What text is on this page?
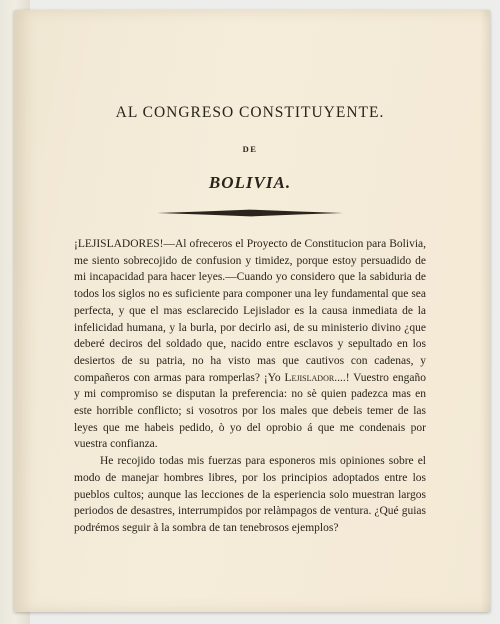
AL CONGRESO CONSTITUYENTE.
DE
BOLIVIA.

¡LEJISLADORES!—Al ofreceros el Proyecto de Constitucion para Bolivia, me siento sobrecojido de confusion y timidez, porque estoy persuadido de mi incapacidad para hacer leyes.—Cuando yo considero que la sabiduria de todos los siglos no es suficiente para componer una ley fundamental que sea perfecta, y que el mas esclarecido Lejislador es la causa inmediata de la infelicidad humana, y la burla, por decirlo asi, de su ministerio divino ¿que deberé deciros del soldado que, nacido entre esclavos y sepultado en los desiertos de su patria, no ha visto mas que cautivos con cadenas, y compañeros con armas para romperlas? ¡Yo Lejislador....! Vuestro engaño y mi compromiso se disputan la preferencia: no sè quien padezca mas en este horrible conflicto; si vosotros por los males que debeis temer de las leyes que me habeis pedido, ò yo del oprobio á que me condenais por vuestra confianza.

He recojido todas mis fuerzas para esponeros mis opiniones sobre el modo de manejar hombres libres, por los principios adoptados entre los pueblos cultos; aunque las lecciones de la esperiencia solo muestran largos periodos de desastres, interrumpidos por relàmpagos de ventura. ¿Qué guias podrémos seguir à la sombra de tan tenebrosos ejemplos?
